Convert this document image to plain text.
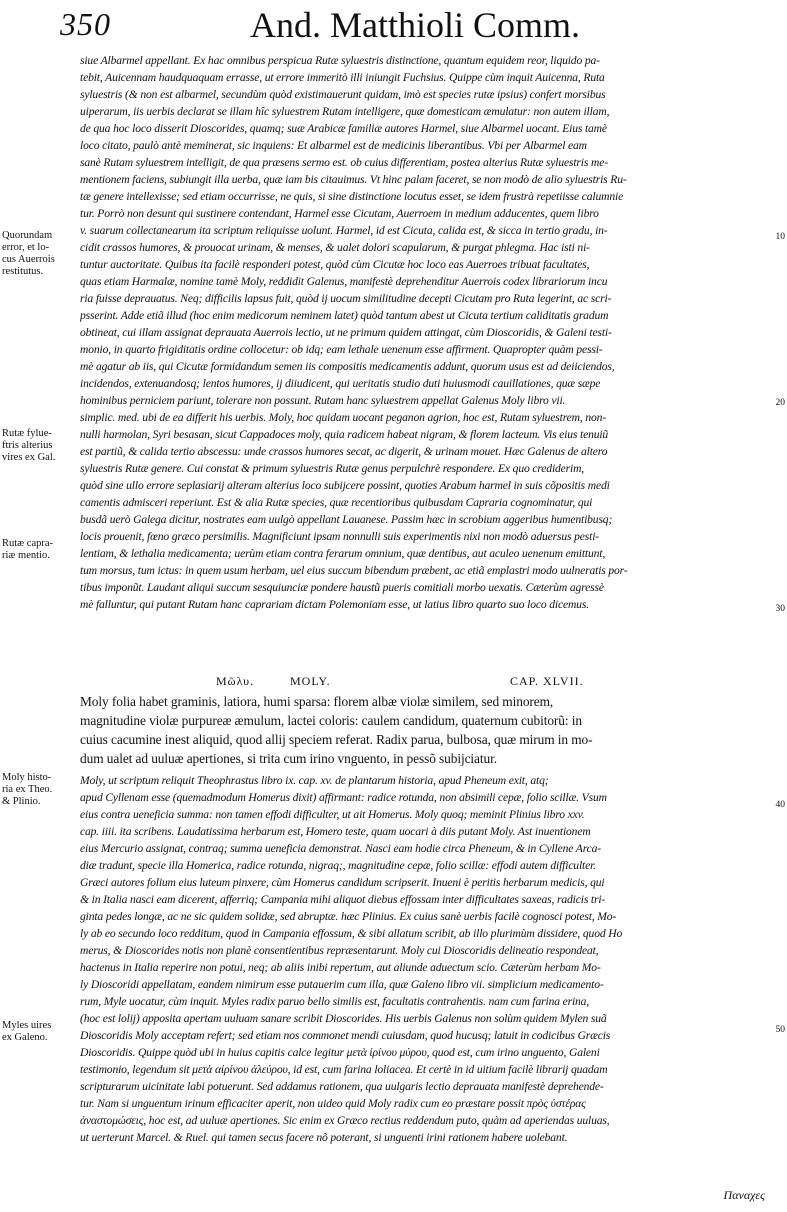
350	And. Matthioli Comm.
Quorundam
error, et lo-
cus Auerrois
restitutus.
Rutæ fylue-
ftris alterius
vires ex Gal.
Rutæ capra-
riæ mentio.
Moly histo-
ria ex Theo.
& Plinio.
Myles uires
ex Galeno.
10
20
30
40
50
siue Albarmel appellant. Ex hac omnibus perspicua Rutæ syluestris distinctione, quantum equidem reor, liquido pa-
tebit, Auicennam haudquaquam errasse, ut errore immeritò illi iniungit Fuchsius. Quippe cùm inquit Auicenna, Ruta
syluestris (& non est albarmel, secundùm quòd existimauerunt quidam, imò est species rutæ ipsius) confert morsibus
uiperarum, iis uerbis declarat se illam hîc syluestrem Rutam intelligere, quæ domesticam æmulatur: non autem illam,
de qua hoc loco disserit Dioscorides, quamq; suæ Arabicæ familiæ autores Harmel, siue Albarmel uocant. Eius tamè
loco citato, paulò antè meminerat, sic inquiens: Et albarmel est de medicinis liberantibus. Vbi per Albarmel eam
sanè Rutam syluestrem intelligit, de qua præsens sermo est. ob cuius differentiam, postea alterius Rutæ syluestris me-
mentionem faciens, subiungit illa uerba, quæ iam bis citauimus. Vt hinc palam faceret, se non modò de alio syluestris Ru-
tæ genere intellexisse; sed etiam occurrisse, ne quis, si sine distinctione locutus esset, se idem frustrà repetiisse calumnie
tur. Porrò non desunt qui sustinere contendant, Harmel esse Cicutam, Auerroem in medium adducentes, quem libro
v. suarum collectanearum ita scriptum reliquisse uolunt. Harmel, id est Cicuta, calida est, & sicca in tertio gradu, in-
cidit crassos humores, & prouocat urinam, & menses, & ualet dolori scapularum, & purgat phlegma. Hac isti ni-
tuntur auctoritate. Quibus ita facilè responderi potest, quòd cùm Cicutæ hoc loco eas Auerroes tribuat facultates,
quas etiam Harmalæ, nomine tamè Moly, reddidit Galenus, manifestè deprehenditur Auerrois codex librariorum incu
ria fuisse deprauatus. Neq; difficilis lapsus fuit, quòd ij uocum similitudine decepti Cicutam pro Ruta legerint, ac scri-
psserint. Adde etiã illud (hoc enim medicorum neminem latet) quòd tantum abest ut Cicuta tertium caliditatis gradum
obtineat, cui illam assignat deprauata Auerrois lectio, ut ne primum quidem attingat, cùm Dioscoridis, & Galeni testi-
monio, in quarto frigiditatis ordine collocetur: ob idq; eam lethale uenenum esse affirment. Quapropter quàm pessi-
mè agatur ab iis, qui Cicutæ formidandum semen iis compositis medicamentis addunt, quorum usus est ad deiiciendos,
incidendos, extenuandosq; lentos humores, ij diiudicent, qui ueritatis studio duti huiusmodi cauillationes, quæ sæpe
hominibus perniciem pariunt, tolerare non possunt. Rutam hanc syluestrem appellat Galenus Moly libro vii.
simplic. med. ubi de ea differit his uerbis. Moly, hoc quidam uocant peganon agrion, hoc est, Rutam syluestrem, non-
nulli harmolan, Syri besasan, sicut Cappadoces moly, quia radicem habeat nigram, & florem lacteum. Vis eius tenuiũ
est partiũ, & calida tertio abscessu: unde crassos humores secat, ac digerit, & urinam mouet. Hæc Galenus de altero
syluestris Rutæ genere. Cui constat & primum syluestris Rutæ genus perpulchrè respondere. Ex quo crediderim,
quòd sine ullo errore seplasiarij alteram alterius loco subijcere possint, quoties Arabum harmel in suis cõpositis medi
camentis admisceri reperiunt. Est & alia Rutæ species, quæ recentioribus quibusdam Capraria cognominatur, qui
busdã uerò Galega dicitur, nostrates eam uulgò appellant Lauanese. Passim hæc in scrobium aggeribus humentibusq;
locis prouenit, fœno græco persimilis. Magnificiunt ipsam nonnulli suis experimentis nixi non modò aduersus pesti-
lentiam, & lethalia medicamenta; uerùm etiam contra ferarum omnium, quæ dentibus, aut aculeo uenenum emittunt,
tum morsus, tum ictus: in quem usum herbam, uel eius succum bibendum præbent, ac etiã emplastri modo uulneratis por-
tibus imponũt. Laudant aliqui succum sesquiunciæ pondere haustũ pueris comitiali morbo uexatis. Cæterùm agressè
mè falluntur, qui putant Rutam hanc caprariam dictam Polemoniam esse, ut latius libro quarto suo loco dicemus.
Μῶλυ.	MOLY.	CAP. XLVII.
Moly folia habet graminis, latiora, humi sparsa: florem albæ violæ similem, sed minorem,
magnitudine violæ purpureæ æmulum, lactei coloris: caulem candidum, quaternum cubitorũ: in
cuius cacumine inest aliquid, quod allij speciem referat. Radix parua, bulbosa, quæ mirum in mo-
dum ualet ad uuluæ apertiones, si trita cum irino vnguento, in pessõ subijciatur.
Moly, ut scriptum reliquit Theophrastus libro ix. cap. xv. de plantarum historia, apud Pheneum exit, atq;
apud Cyllenam esse (quemadmodum Homerus dixit) affirmant: radice rotunda, non absimili cepæ, folio scillæ. Vsum
eius contra ueneficia summa: non tamen effodi difficulter, ut ait Homerus. Moly quoq; meminit Plinius libro xxv.
cap. iiii. ita scribens. Laudatissima herbarum est, Homero teste, quam uocari à diis putant Moly. Ast inuentionem
eius Mercurio assignat, contraq; summa ueneficia demonstrat. Nasci eam hodie circa Pheneum, & in Cyllene Arca-
diæ tradunt, specie illa Homerica, radice rotunda, nigraq;, magnitudine cepæ, folio scillæ: effodi autem difficulter.
Græci autores folium eius luteum pinxere, cùm Homerus candidum scripserit. Inueni è peritis herbarum medicis, qui
& in Italia nasci eam dicerent, afferriq; Campania mihi aliquot diebus effossam inter difficultates saxeas, radicis tri-
ginta pedes longæ, ac ne sic quidem solidæ, sed abruptæ. hæc Plinius. Ex cuius sanè uerbis facilè cognosci potest, Mo-
ly ab eo secundo loco redditum, quod in Campania effossum, & sibi allatum scribit, ab illo plurimùm dissidere, quod Ho
merus, & Dioscorides notis non planè consentientibus repræsentarunt. Moly cui Dioscoridis delineatio respondeat,
hactenus in Italia reperire non potui, neq; ab aliis inibi repertum, aut aliunde aduectum scio. Cæterùm herbam Mo-
ly Dioscoridi appellatam, eandem nimirum esse putauerim cum illa, quæ Galeno libro vii. simplicium medicamento-
rum, Myle uocatur, cùm inquit. Myles radix paruo bello similis est, facultatis contrahentis. nam cum farina erina,
(hoc est lolij) apposita apertam uuluam sanare scribit Dioscorides. His uerbis Galenus non solùm quidem Mylen suã
Dioscoridis Moly acceptam refert; sed etiam nos commonet mendi cuiusdam, quod hucusq; latuit in codicibus Græcis
Dioscoridis. Quippe quòd ubi in huius capitis calce legitur μετὰ ἰρίνου μύρου, quod est, cum irino unguento, Galeni
testimonio, legendum sit μετὰ αἰρίνου ἀλεύρου, id est, cum farina loliacea. Et certè in id uitium facilè librarij quadam
scripturarum uicinitate labi potuerunt. Sed addamus rationem, qua uulgaris lectio deprauata manifestè deprehende-
tur. Nam si unguentum irinum efficaciter aperit, non uideo quid Moly radix cum eo præstare possit πρὸς ὑστέρας
ἀναστομώσεις, hoc est, ad uuluæ apertiones. Sic enim ex Græco rectius reddendum puto, quàm ad aperiendas uuluas,
ut uerterunt Marcel. & Ruel. qui tamen secus facere nõ poterant, si unguenti irini rationem habere uolebant.
Παναχες
